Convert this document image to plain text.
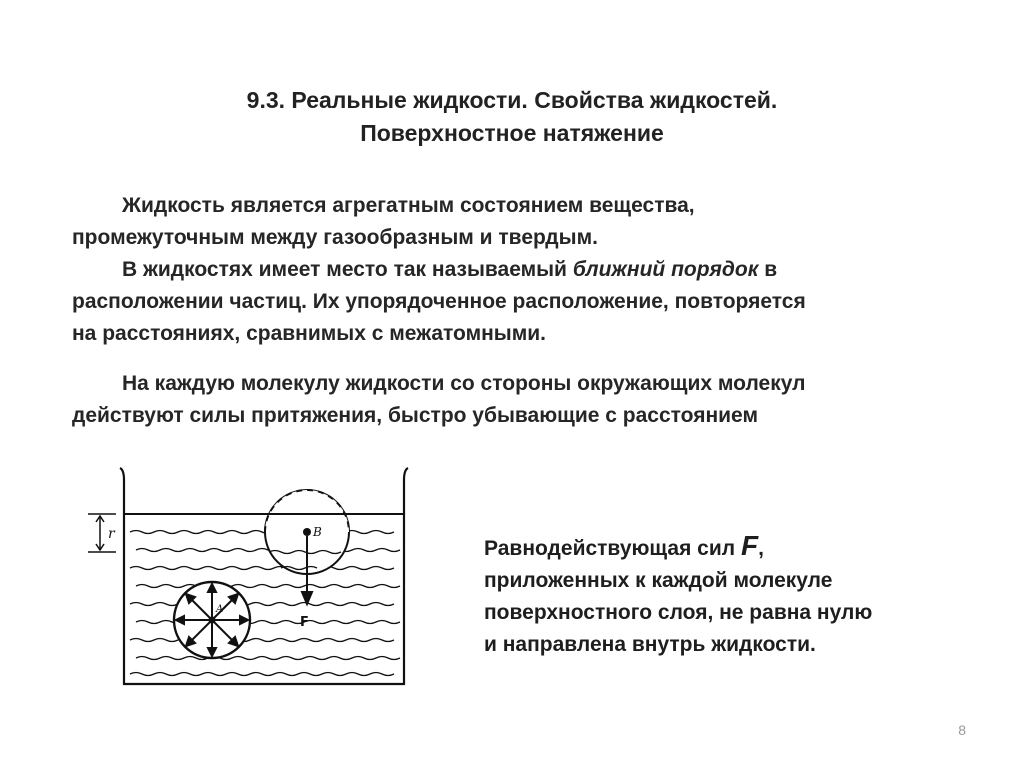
9.3. Реальные жидкости. Свойства жидкостей.
Поверхностное натяжение
Жидкость является агрегатным состоянием вещества,
промежуточным между газообразным и твердым.
В жидкостях имеет место так называемый ближний порядок в
расположении частиц. Их упорядоченное расположение, повторяется
на расстояниях, сравнимых с межатомными.
На каждую молекулу жидкости со стороны окружающих молекул
действуют силы притяжения, быстро убывающие с расстоянием
r	B
F
A
Равнодействующая сил F,
приложенных к каждой молекуле
поверхностного слоя, не равна нулю
и направлена внутрь жидкости.
8
